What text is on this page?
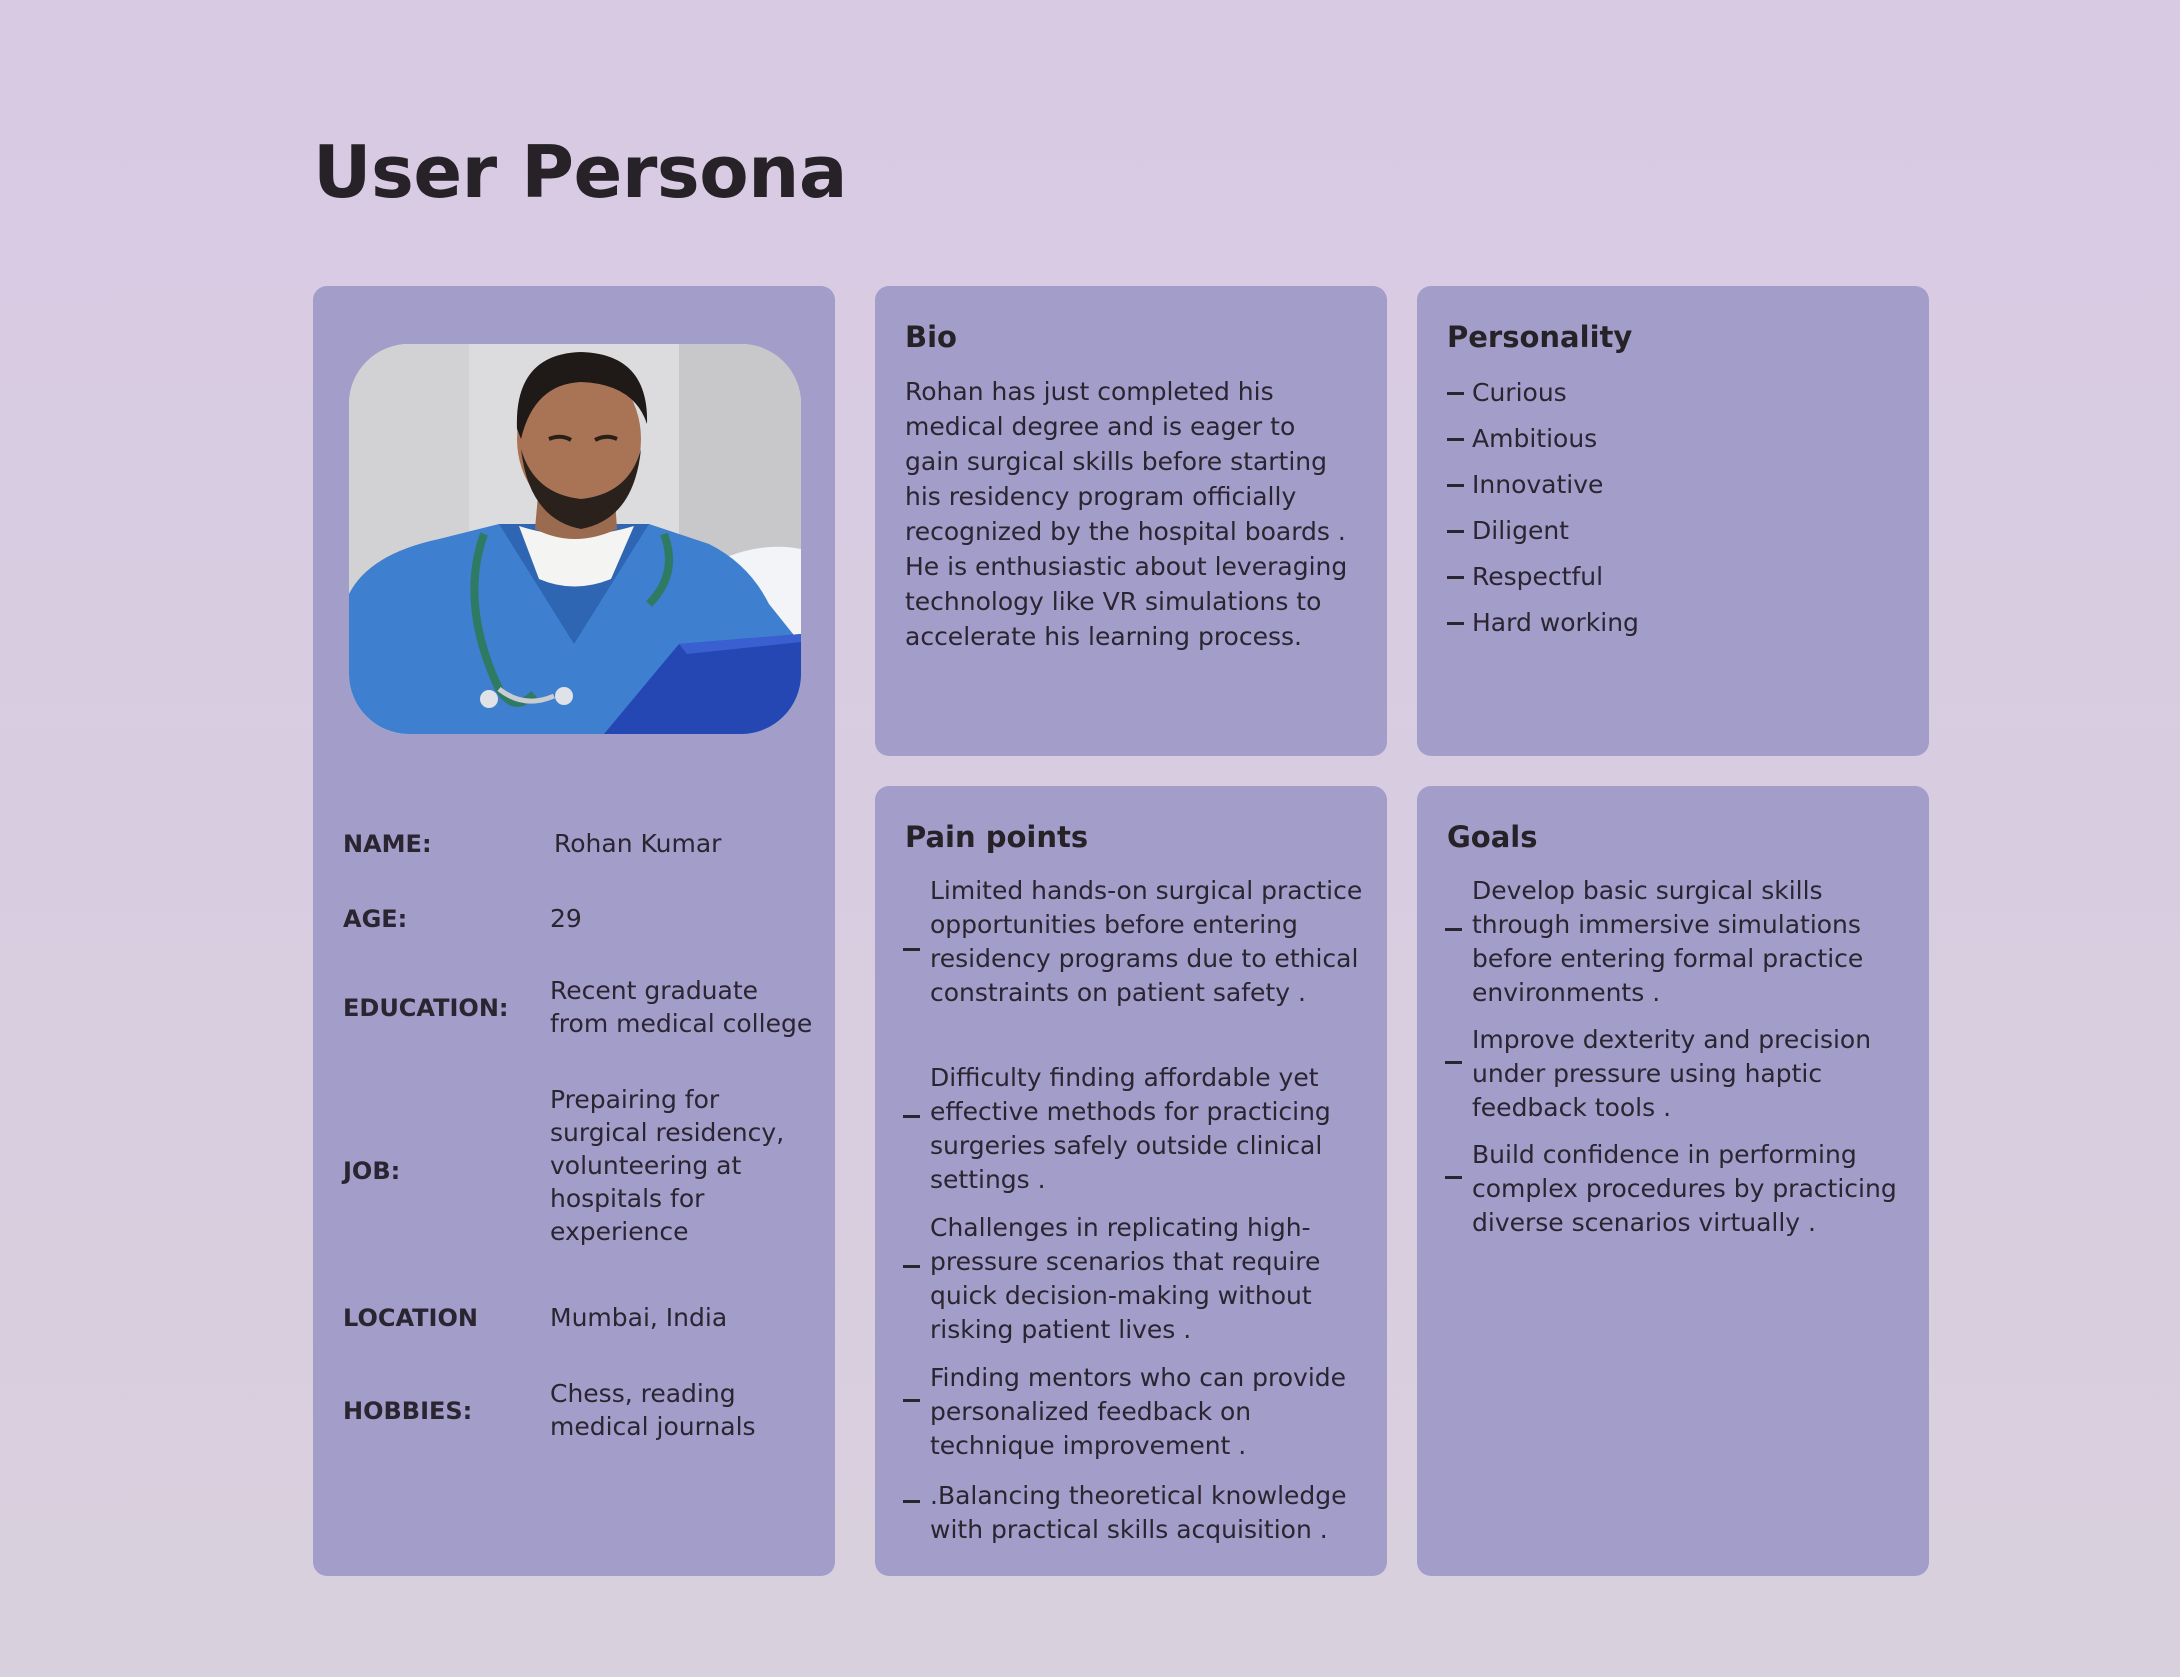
User Persona
NAME:	Rohan Kumar
AGE:	29
EDUCATION:
Recent graduate from medical college
JOB:
Prepairing for surgical residency, volunteering at hospitals for experience
LOCATION	Mumbai, India
HOBBIES:
Chess, reading medical journals
Bio

Rohan has just completed his medical degree and is eager to gain surgical skills before starting his residency program officially recognized by the hospital boards . He is enthusiastic about leveraging technology like VR simulations to accelerate his learning process.

Personality
Curious
Ambitious
Innovative
Diligent
Respectful
Hard working
Pain points

Limited hands-on surgical practice opportunities before entering residency programs due to ethical constraints on patient safety .

Difficulty finding affordable yet effective methods for practicing surgeries safely outside clinical settings .

Challenges in replicating high-pressure scenarios that require quick decision-making without risking patient lives .

Finding mentors who can provide personalized feedback on technique improvement .

.Balancing theoretical knowledge with practical skills acquisition .

Goals

Develop basic surgical skills through immersive simulations before entering formal practice environments .

Improve dexterity and precision under pressure using haptic feedback tools .

Build confidence in performing complex procedures by practicing diverse scenarios virtually .
